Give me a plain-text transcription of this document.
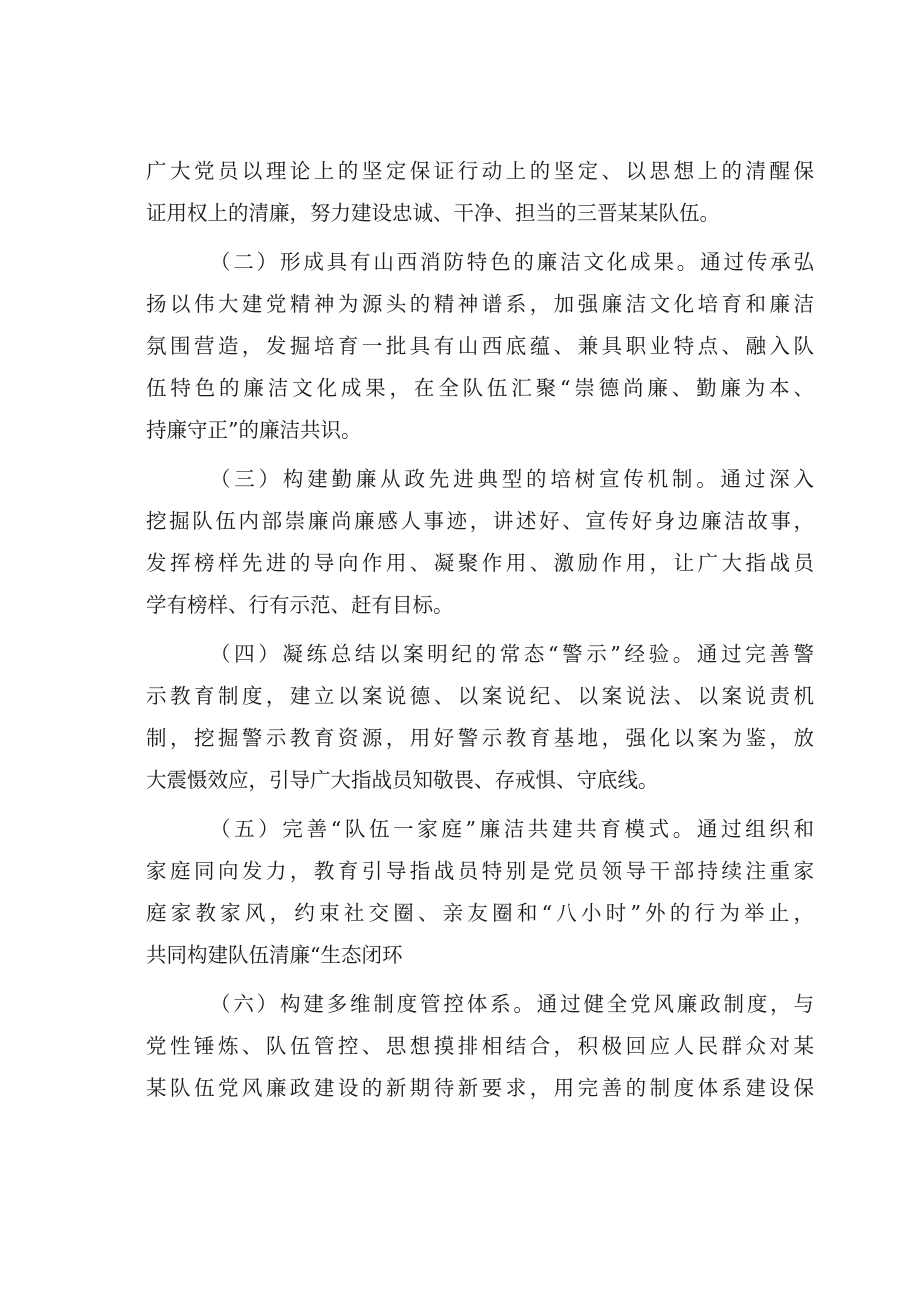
广大党员以理论上的坚定保证行动上的坚定、以思想上的清醒保
证用权上的清廉，努力建设忠诚、干净、担当的三晋某某队伍。
（二）形成具有山西消防特色的廉洁文化成果。通过传承弘
扬以伟大建党精神为源头的精神谱系，加强廉洁文化培育和廉洁
氛围营造，发掘培育一批具有山西底蕴、兼具职业特点、融入队
伍特色的廉洁文化成果，在全队伍汇聚“崇德尚廉、勤廉为本、
持廉守正”的廉洁共识。
（三）构建勤廉从政先进典型的培树宣传机制。通过深入
挖掘队伍内部崇廉尚廉感人事迹，讲述好、宣传好身边廉洁故事，
发挥榜样先进的导向作用、凝聚作用、激励作用，让广大指战员
学有榜样、行有示范、赶有目标。
（四）凝练总结以案明纪的常态“警示”经验。通过完善警
示教育制度，建立以案说德、以案说纪、以案说法、以案说责机
制，挖掘警示教育资源，用好警示教育基地，强化以案为鉴，放
大震慑效应，引导广大指战员知敬畏、存戒惧、守底线。
（五）完善“队伍一家庭”廉洁共建共育模式。通过组织和
家庭同向发力，教育引导指战员特别是党员领导干部持续注重家
庭家教家风，约束社交圈、亲友圈和“八小时”外的行为举止，
共同构建队伍清廉“生态闭环
（六）构建多维制度管控体系。通过健全党风廉政制度，与
党性锤炼、队伍管控、思想摸排相结合，积极回应人民群众对某
某队伍党风廉政建设的新期待新要求，用完善的制度体系建设保
